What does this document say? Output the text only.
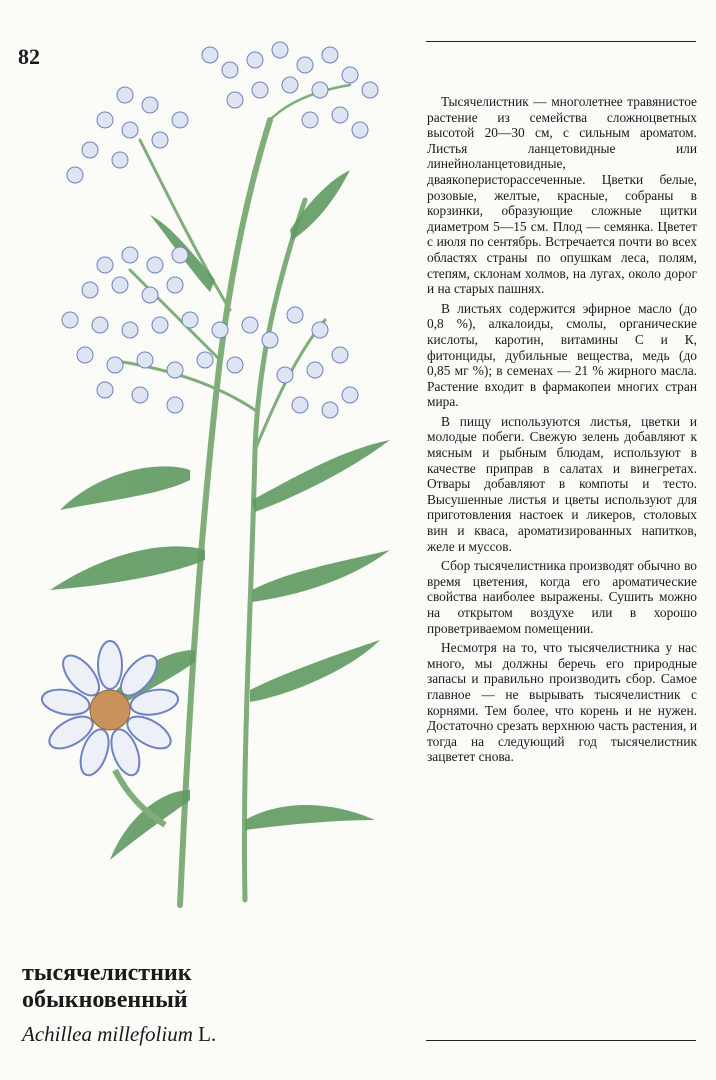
82

Тысячелистник — многолетнее травянистое растение из семейства сложноцветных высотой 20—30 см, с сильным ароматом. Листья ланцетовидные или линейноланцетовидные, дваякоперисторассеченные. Цветки белые, розовые, желтые, красные, собраны в корзинки, образующие сложные щитки диаметром 5—15 см. Плод — семянка. Цветет с июля по сентябрь. Встречается почти во всех областях страны по опушкам леса, полям, степям, склонам холмов, на лугах, около дорог и на старых пашнях.

В листьях содержится эфирное масло (до 0,8 %), алкалоиды, смолы, органические кислоты, каротин, витамины С и К, фитонциды, дубильные вещества, медь (до 0,85 мг %); в семенах — 21 % жирного масла. Растение входит в фармакопеи многих стран мира.

В пищу используются листья, цветки и молодые побеги. Свежую зелень добавляют к мясным и рыбным блюдам, используют в качестве приправ в салатах и винегретах. Отвары добавляют в компоты и тесто. Высушенные листья и цветы используют для приготовления настоек и ликеров, столовых вин и кваса, ароматизированных напитков, желе и муссов.

Сбор тысячелистника производят обычно во время цветения, когда его ароматические свойства наиболее выражены. Сушить можно на открытом воздухе или в хорошо проветриваемом помещении.

Несмотря на то, что тысячелистника у нас много, мы должны беречь его природные запасы и правильно производить сбор. Самое главное — не вырывать тысячелистник с корнями. Тем более, что корень и не нужен. Достаточно срезать верхнюю часть растения, и тогда на следующий год тысячелистник зацветет снова.

тысячелистник
обыкновенный
Achillea millefolium L.
